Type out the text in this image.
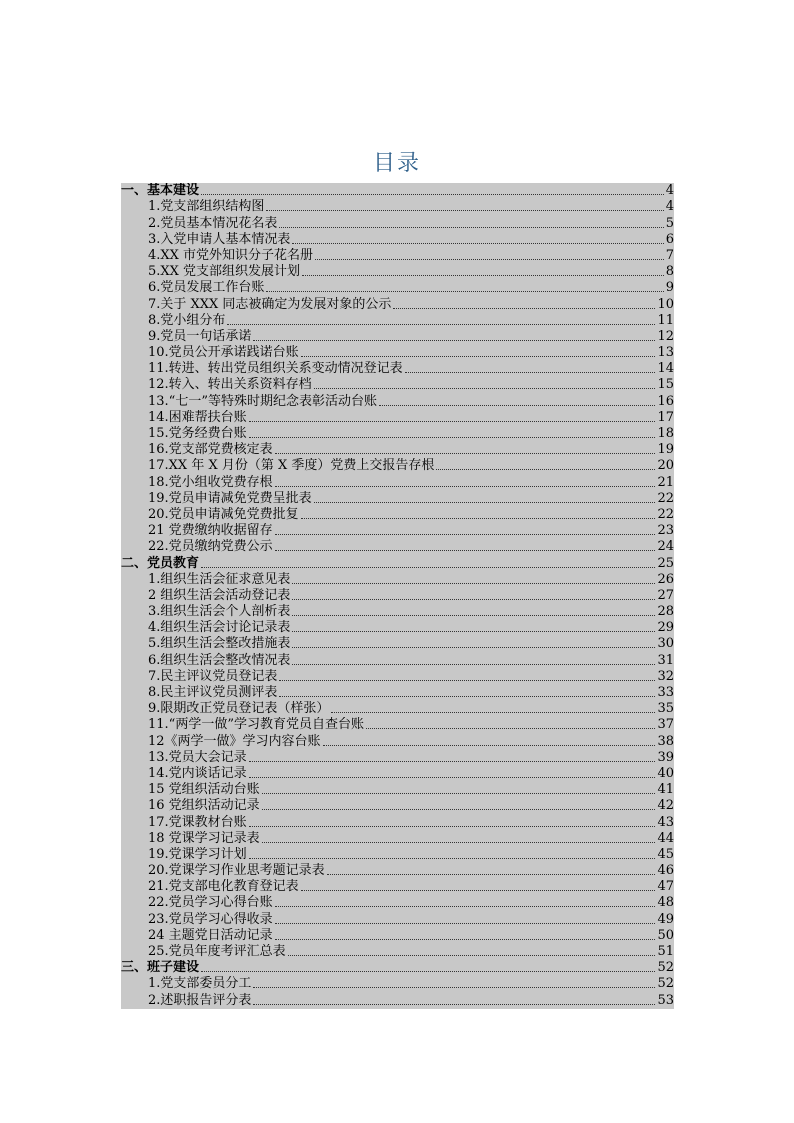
目录
一、基本建设	4
1.党支部组织结构图	4
2.党员基本情况花名表	5
3.入党申请人基本情况表	6
4.XX 市党外知识分子花名册	7
5.XX 党支部组织发展计划	8
6.党员发展工作台账	9
7.关于 XXX 同志被确定为发展对象的公示	10
8.党小组分布	11
9.党员一句话承诺	12
10.党员公开承诺践诺台账	13
11.转进、转出党员组织关系变动情况登记表	14
12.转入、转出关系资料存档	15
13.“七一”等特殊时期纪念表彰活动台账	16
14.困难帮扶台账	17
15.党务经费台账	18
16.党支部党费核定表	19
17.XX 年 X 月份（第 X 季度）党费上交报告存根	20
18.党小组收党费存根	21
19.党员申请减免党费呈批表	22
20.党员申请减免党费批复	22
21 党费缴纳收据留存	23
22.党员缴纳党费公示	24
二、党员教育	25
1.组织生活会征求意见表	26
2 组织生活会活动登记表	27
3.组织生活会个人剖析表	28
4.组织生活会讨论记录表	29
5.组织生活会整改措施表	30
6.组织生活会整改情况表	31
7.民主评议党员登记表	32
8.民主评议党员测评表	33
9.限期改正党员登记表（样张）	35
11.“两学一做”学习教育党员自查台账	37
12《两学一做》学习内容台账	38
13.党员大会记录	39
14.党内谈话记录	40
15 党组织活动台账	41
16 党组织活动记录	42
17.党课教材台账	43
18 党课学习记录表	44
19.党课学习计划	45
20.党课学习作业思考题记录表	46
21.党支部电化教育登记表	47
22.党员学习心得台账	48
23.党员学习心得收录	49
24 主题党日活动记录	50
25.党员年度考评汇总表	51
三、班子建设	52
1.党支部委员分工	52
2.述职报告评分表	53
